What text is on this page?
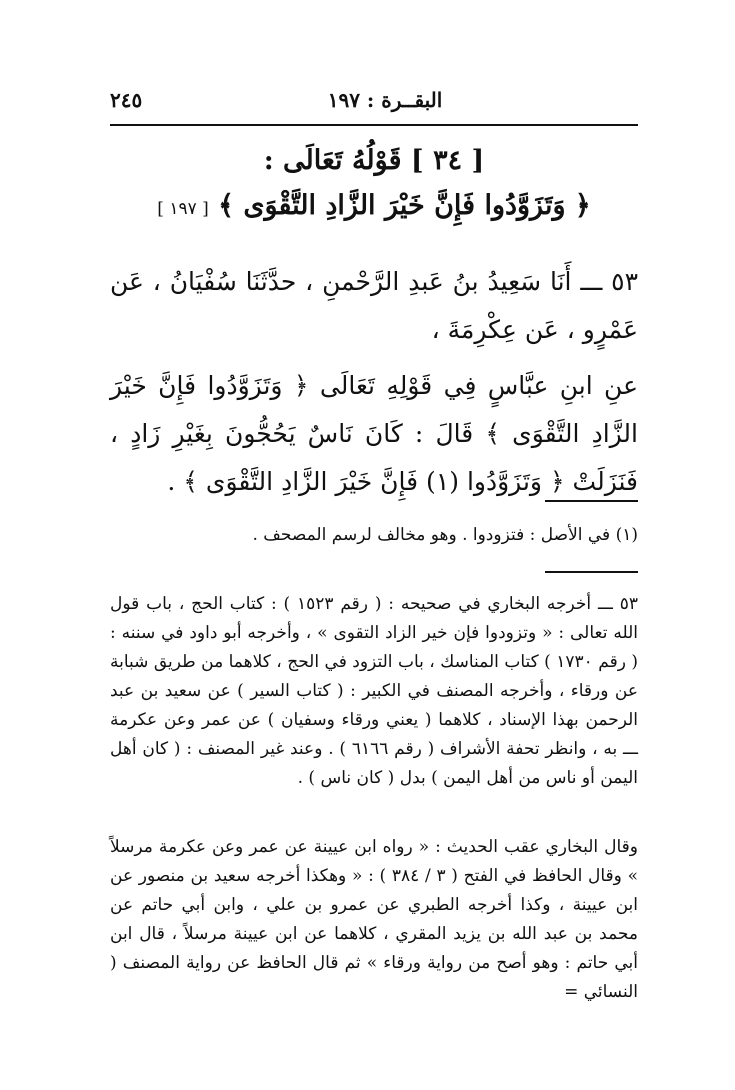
٢٤٥	البقــرة : ١٩٧
[ ٣٤ ] قَوْلُهُ تَعَالَى :
﴿ وَتَزَوَّدُوا فَإِنَّ خَيْرَ الزَّادِ التَّقْوَى ﴾ [ ١٩٧ ]
٥٣ ـــ أَنَا سَعِيدُ بنُ عَبدِ الرَّحْمنِ ، حدَّثَنَا سُفْيَانُ ، عَن عَمْرٍو ، عَن عِكْرِمَةَ ،
عنِ ابنِ عبَّاسٍ فِي قَوْلِهِ تَعَالَى ﴿ وَتَزَوَّدُوا فَإِنَّ خَيْرَ الزَّادِ التَّقْوَى ﴾ قَالَ : كَانَ نَاسٌ يَحُجُّونَ بِغَيْرِ زَادٍ ، فَنَزَلَتْ ﴿ وَتَزَوَّدُوا (١) فَإِنَّ خَيْرَ الزَّادِ التَّقْوَى ﴾ .
(١) في الأصل : فتزودوا . وهو مخالف لرسم المصحف .
٥٣ ـــ أخرجه البخاري في صحيحه : ( رقم ١٥٢٣ ) : كتاب الحج ، باب قول الله تعالى : « وتزودوا فإن خير الزاد التقوى » ، وأخرجه أبو داود في سننه : ( رقم ١٧٣٠ ) كتاب المناسك ، باب التزود في الحج ، كلاهما من طريق شبابة عن ورقاء ، وأخرجه المصنف في الكبير : ( كتاب السير ) عن سعيد بن عبد الرحمن بهذا الإسناد ، كلاهما ( يعني ورقاء وسفيان ) عن عمر وعن عكرمة ـــ به ، وانظر تحفة الأشراف ( رقم ٦١٦٦ ) . وعند غير المصنف : ( كان أهل اليمن أو ناس من أهل اليمن ) بدل ( كان ناس ) .
وقال البخاري عقب الحديث : « رواه ابن عيينة عن عمر وعن عكرمة مرسلاً » وقال الحافظ في الفتح ( ٣ / ٣٨٤ ) : « وهكذا أخرجه سعيد بن منصور عن ابن عيينة ، وكذا أخرجه الطبري عن عمرو بن علي ، وابن أبي حاتم عن محمد بن عبد الله بن يزيد المقري ، كلاهما عن ابن عيينة مرسلاً ، قال ابن أبي حاتم : وهو أصح من رواية ورقاء » ثم قال الحافظ عن رواية المصنف ( النسائي =
